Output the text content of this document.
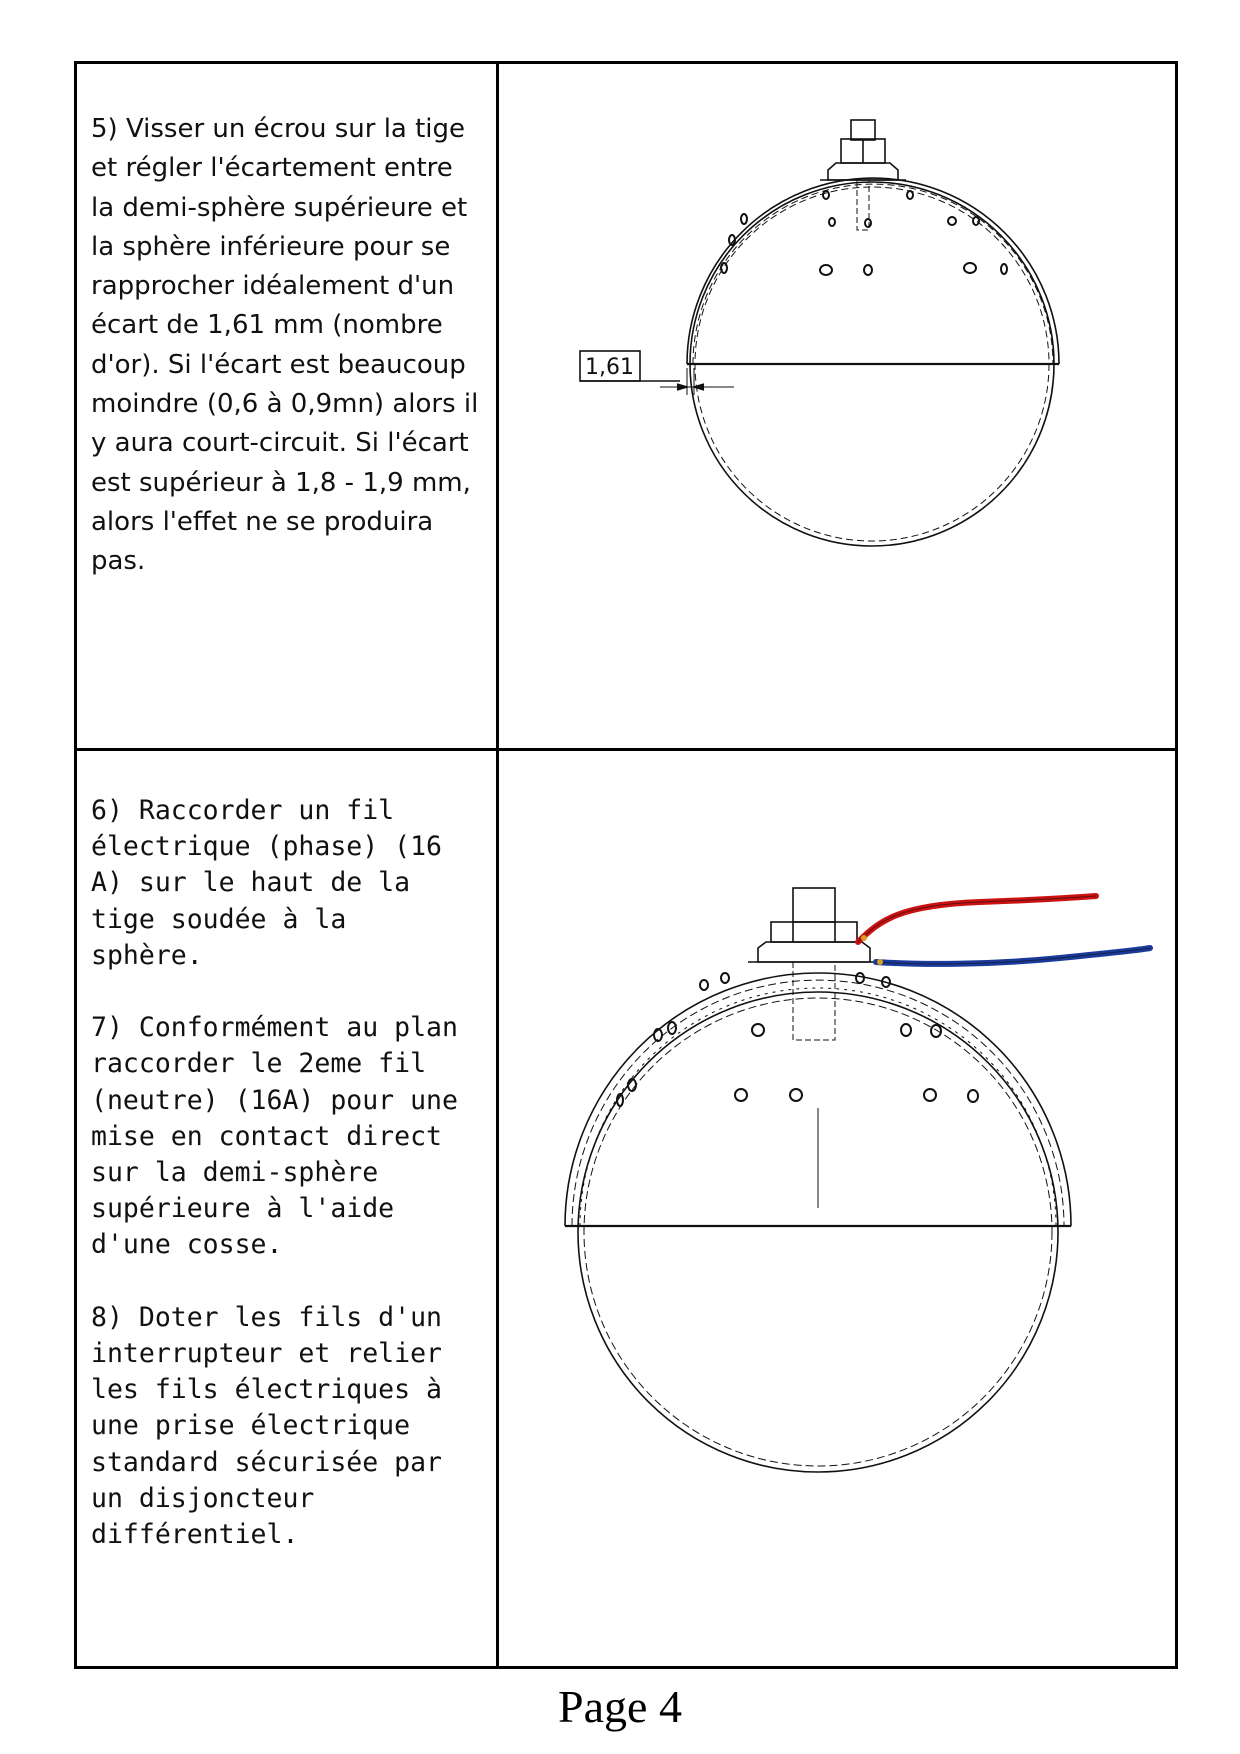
5) Visser un écrou sur la tige
et régler l'écartement entre
la demi-sphère supérieure et
la sphère inférieure pour se
rapprocher idéalement d'un
écart de 1,61 mm (nombre
d'or). Si l'écart est beaucoup
moindre (0,6 à 0,9mn) alors il
y aura court-circuit. Si l'écart
est supérieur à 1,8 - 1,9 mm,
alors l'effet ne se produira
pas.
1,61
6) Raccorder un fil
électrique (phase) (16
A) sur le haut de la
tige soudée à la
sphère.

7) Conformément au plan
raccorder le 2eme fil
(neutre) (16A) pour une
mise en contact direct
sur la demi-sphère
supérieure à l'aide
d'une cosse.

8) Doter les fils d'un
interrupteur et relier
les fils électriques à
une prise électrique
standard sécurisée par
un disjoncteur
différentiel.
Page 4
